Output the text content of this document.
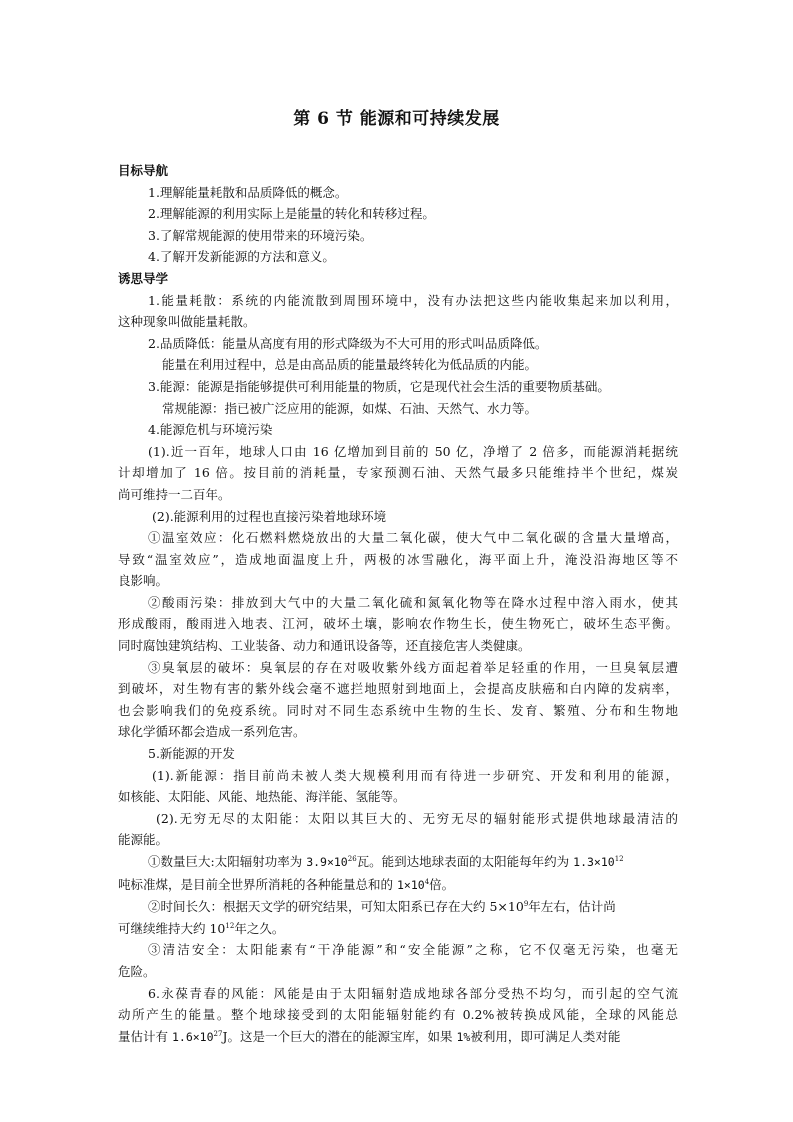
第 6 节 能源和可持续发展
目标导航
1.理解能量耗散和品质降低的概念。
2.理解能源的利用实际上是能量的转化和转移过程。
3.了解常规能源的使用带来的环境污染。
4.了解开发新能源的方法和意义。
诱思导学
1.能量耗散：系统的内能流散到周围环境中，没有办法把这些内能收集起来加以利用，
这种现象叫做能量耗散。
2.品质降低：能量从高度有用的形式降级为不大可用的形式叫品质降低。
能量在利用过程中，总是由高品质的能量最终转化为低品质的内能。
3.能源：能源是指能够提供可利用能量的物质，它是现代社会生活的重要物质基础。
常规能源：指已被广泛应用的能源，如煤、石油、天然气、水力等。
4.能源危机与环境污染
(1).近一百年，地球人口由 16 亿增加到目前的 50 亿，净增了 2 倍多，而能源消耗据统
计却增加了 16 倍。按目前的消耗量，专家预测石油、天然气最多只能维持半个世纪，煤炭
尚可维持一二百年。
(2).能源利用的过程也直接污染着地球环境
①温室效应：化石燃料燃烧放出的大量二氧化碳，使大气中二氧化碳的含量大量增高，
导致“温室效应”，造成地面温度上升，两极的冰雪融化，海平面上升，淹没沿海地区等不
良影响。
②酸雨污染：排放到大气中的大量二氧化硫和氮氧化物等在降水过程中溶入雨水，使其
形成酸雨，酸雨进入地表、江河，破坏土壤，影响农作物生长，使生物死亡，破坏生态平衡。
同时腐蚀建筑结构、工业装备、动力和通讯设备等，还直接危害人类健康。
③臭氧层的破坏：臭氧层的存在对吸收紫外线方面起着举足轻重的作用，一旦臭氧层遭
到破坏，对生物有害的紫外线会毫不遮拦地照射到地面上，会提高皮肤癌和白内障的发病率，
也会影响我们的免疫系统。同时对不同生态系统中生物的生长、发育、繁殖、分布和生物地
球化学循环都会造成一系列危害。
5.新能源的开发
(1).新能源：指目前尚未被人类大规模利用而有待进一步研究、开发和利用的能源，
如核能、太阳能、风能、地热能、海洋能、氢能等。
(2).无穷无尽的太阳能：太阳以其巨大的、无穷无尽的辐射能形式提供地球最清洁的
能源能。
①数量巨大:太阳辐射功率为 $3.9\times 10^{26}$瓦。能到达地球表面的太阳能每年约为 $1.3\times 10^{12}$
吨标准煤，是目前全世界所消耗的各种能量总和的 $1\times 10^4$倍。
②时间长久：根据天文学的研究结果，可知太阳系已存在大约 $5\times 10^9$年左右，估计尚
可继续维持大约 $10^{12}$年之久。
③清洁安全：太阳能素有“干净能源”和“安全能源”之称，它不仅毫无污染，也毫无
危险。
6.永葆青春的风能：风能是由于太阳辐射造成地球各部分受热不均匀，而引起的空气流
动所产生的能量。整个地球接受到的太阳能辐射能约有 0.2%被转换成风能，全球的风能总
量估计有 $1.6\times 10^{27}J$。这是一个巨大的潜在的能源宝库，如果 1%被利用，即可满足人类对能
